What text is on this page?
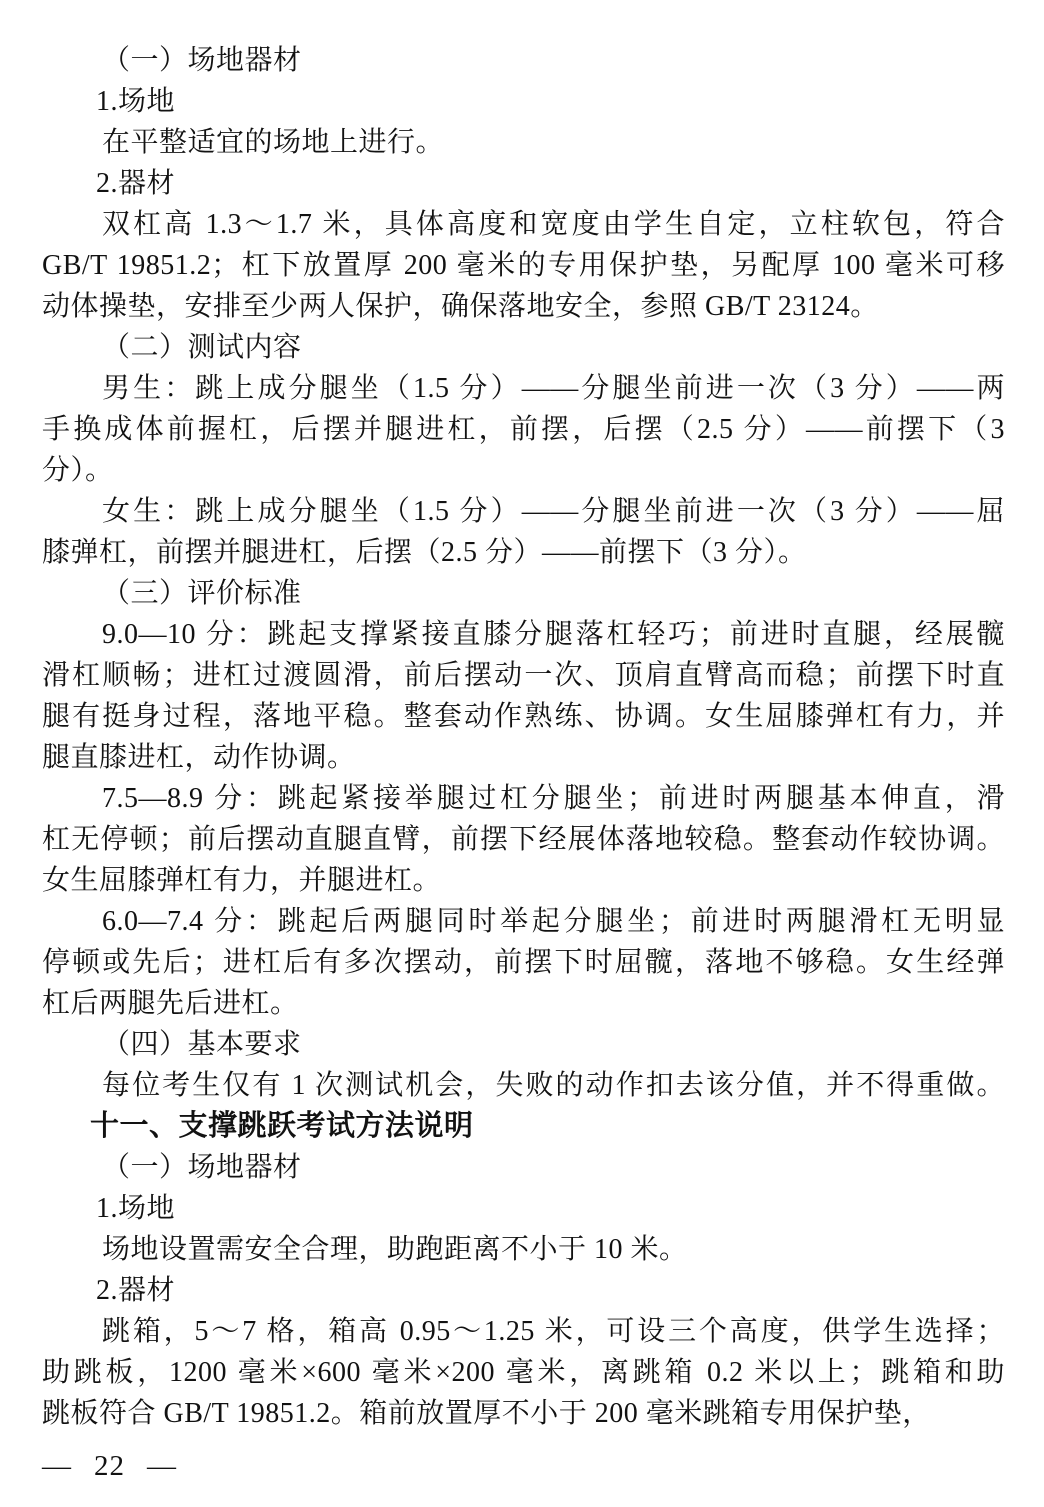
（一）场地器材
1.场地
在平整适宜的场地上进行。
2.器材
双杠高 1.3～1.7 米，具体高度和宽度由学生自定，立柱软包，符合
GB/T 19851.2；杠下放置厚 200 毫米的专用保护垫，另配厚 100 毫米可移
动体操垫，安排至少两人保护，确保落地安全，参照 GB/T 23124。
（二）测试内容
男生：跳上成分腿坐（1.5 分）——分腿坐前进一次（3 分）——两
手换成体前握杠，后摆并腿进杠，前摆，后摆（2.5 分）——前摆下（3
分）。
女生：跳上成分腿坐（1.5 分）——分腿坐前进一次（3 分）——屈
膝弹杠，前摆并腿进杠，后摆（2.5 分）——前摆下（3 分）。
（三）评价标准
9.0—10 分：跳起支撑紧接直膝分腿落杠轻巧；前进时直腿，经展髋
滑杠顺畅；进杠过渡圆滑，前后摆动一次、顶肩直臂高而稳；前摆下时直
腿有挺身过程，落地平稳。整套动作熟练、协调。女生屈膝弹杠有力，并
腿直膝进杠，动作协调。
7.5—8.9 分：跳起紧接举腿过杠分腿坐；前进时两腿基本伸直，滑
杠无停顿；前后摆动直腿直臂，前摆下经展体落地较稳。整套动作较协调。
女生屈膝弹杠有力，并腿进杠。
6.0—7.4 分：跳起后两腿同时举起分腿坐；前进时两腿滑杠无明显
停顿或先后；进杠后有多次摆动，前摆下时屈髋，落地不够稳。女生经弹
杠后两腿先后进杠。
（四）基本要求
每位考生仅有 1 次测试机会，失败的动作扣去该分值，并不得重做。
十一、支撑跳跃考试方法说明
（一）场地器材
1.场地
场地设置需安全合理，助跑距离不小于 10 米。
2.器材
跳箱，5～7 格，箱高 0.95～1.25 米，可设三个高度，供学生选择；
助跳板，1200 毫米×600 毫米×200 毫米，离跳箱 0.2 米以上；跳箱和助
跳板符合 GB/T 19851.2。箱前放置厚不小于 200 毫米跳箱专用保护垫，
— 22 —
